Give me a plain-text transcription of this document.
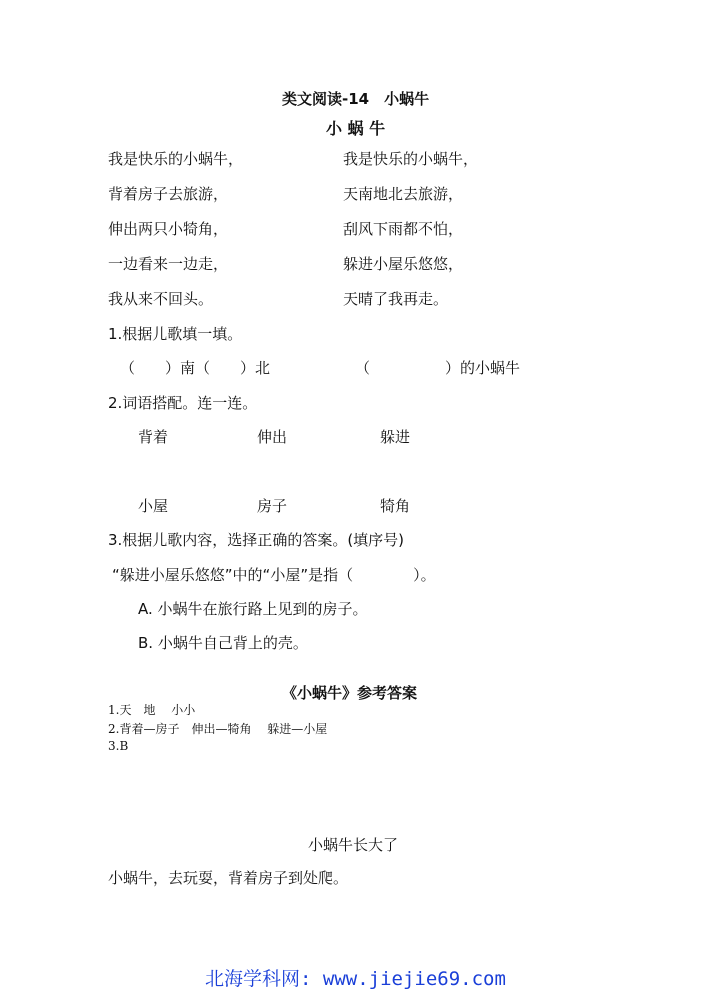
类文阅读-14　小蜗牛
小 蜗 牛
我是快乐的小蜗牛，
背着房子去旅游，
伸出两只小犄角，
一边看来一边走，
我从来不回头。
我是快乐的小蜗牛，
天南地北去旅游，
刮风下雨都不怕，
躲进小屋乐悠悠，
天晴了我再走。
1.根据儿歌填一填。
（　　）南（　　）北	（　　　　　）的小蜗牛
2.词语搭配。连一连。
背着	伸出	躲进
小屋	房子	犄角
3.根据儿歌内容，选择正确的答案。(填序号)
“躲进小屋乐悠悠”中的“小屋”是指（　　　　）。
A. 小蜗牛在旅行路上见到的房子。
B. 小蜗牛自己背上的壳。
《小蜗牛》参考答案
1.天　地　 小小
2.背着—房子　伸出—犄角　 躲进—小屋
3.B
小蜗牛长大了
小蜗牛，去玩耍，背着房子到处爬。
北海学科网: www.jiejie69.com
